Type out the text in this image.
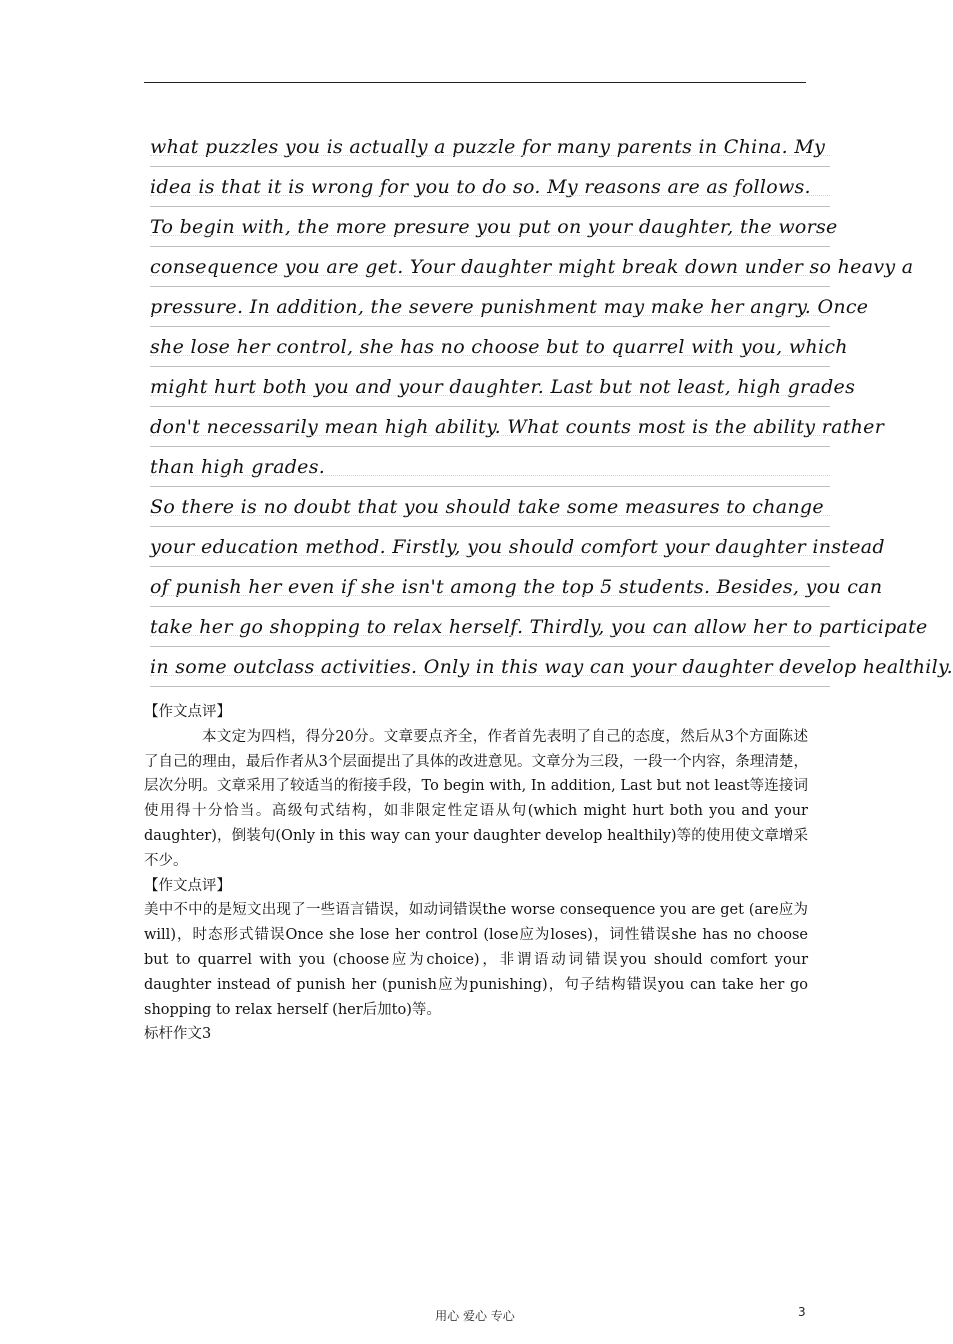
what puzzles you is actually a puzzle for many parents in China. My
idea is that it is wrong for you to do so. My reasons are as follows.
To begin with, the more presure you put on your daughter, the worse
consequence you are get. Your daughter might break down under so heavy a
pressure. In addition, the severe punishment may make her angry. Once
she lose her control, she has no choose but to quarrel with you, which
might hurt both you and your daughter. Last but not least, high grades
don't necessarily mean high ability. What counts most is the ability rather
than high grades.
So there is no doubt that you should take some measures to change
your education method. Firstly, you should comfort your daughter instead
of punish her even if she isn't among the top 5 students. Besides, you can
take her go shopping to relax herself. Thirdly, you can allow her to participate
in some outclass activities. Only in this way can your daughter develop healthily.

【作文点评】

本文定为四档，得分20分。文章要点齐全，作者首先表明了自己的态度，然后从3个方面陈述了自己的理由，最后作者从3个层面提出了具体的改进意见。文章分为三段，一段一个内容，条理清楚，层次分明。文章采用了较适当的衔接手段，To begin with, In addition, Last but not least等连接词使用得十分恰当。高级句式结构，如非限定性定语从句(which might hurt both you and your daughter)，倒装句(Only in this way can your daughter develop healthily)等的使用使文章增采不少。

【作文点评】

美中不中的是短文出现了一些语言错误，如动词错误the worse consequence you are get (are应为will)，时态形式错误Once she lose her control (lose应为loses)，词性错误she has no choose but to quarrel with you (choose应为choice)，非谓语动词错误you should comfort your daughter instead of punish her (punish应为punishing)，句子结构错误you can take her go shopping to relax herself (her后加to)等。

标杆作文3

用心 爱心 专心	3
